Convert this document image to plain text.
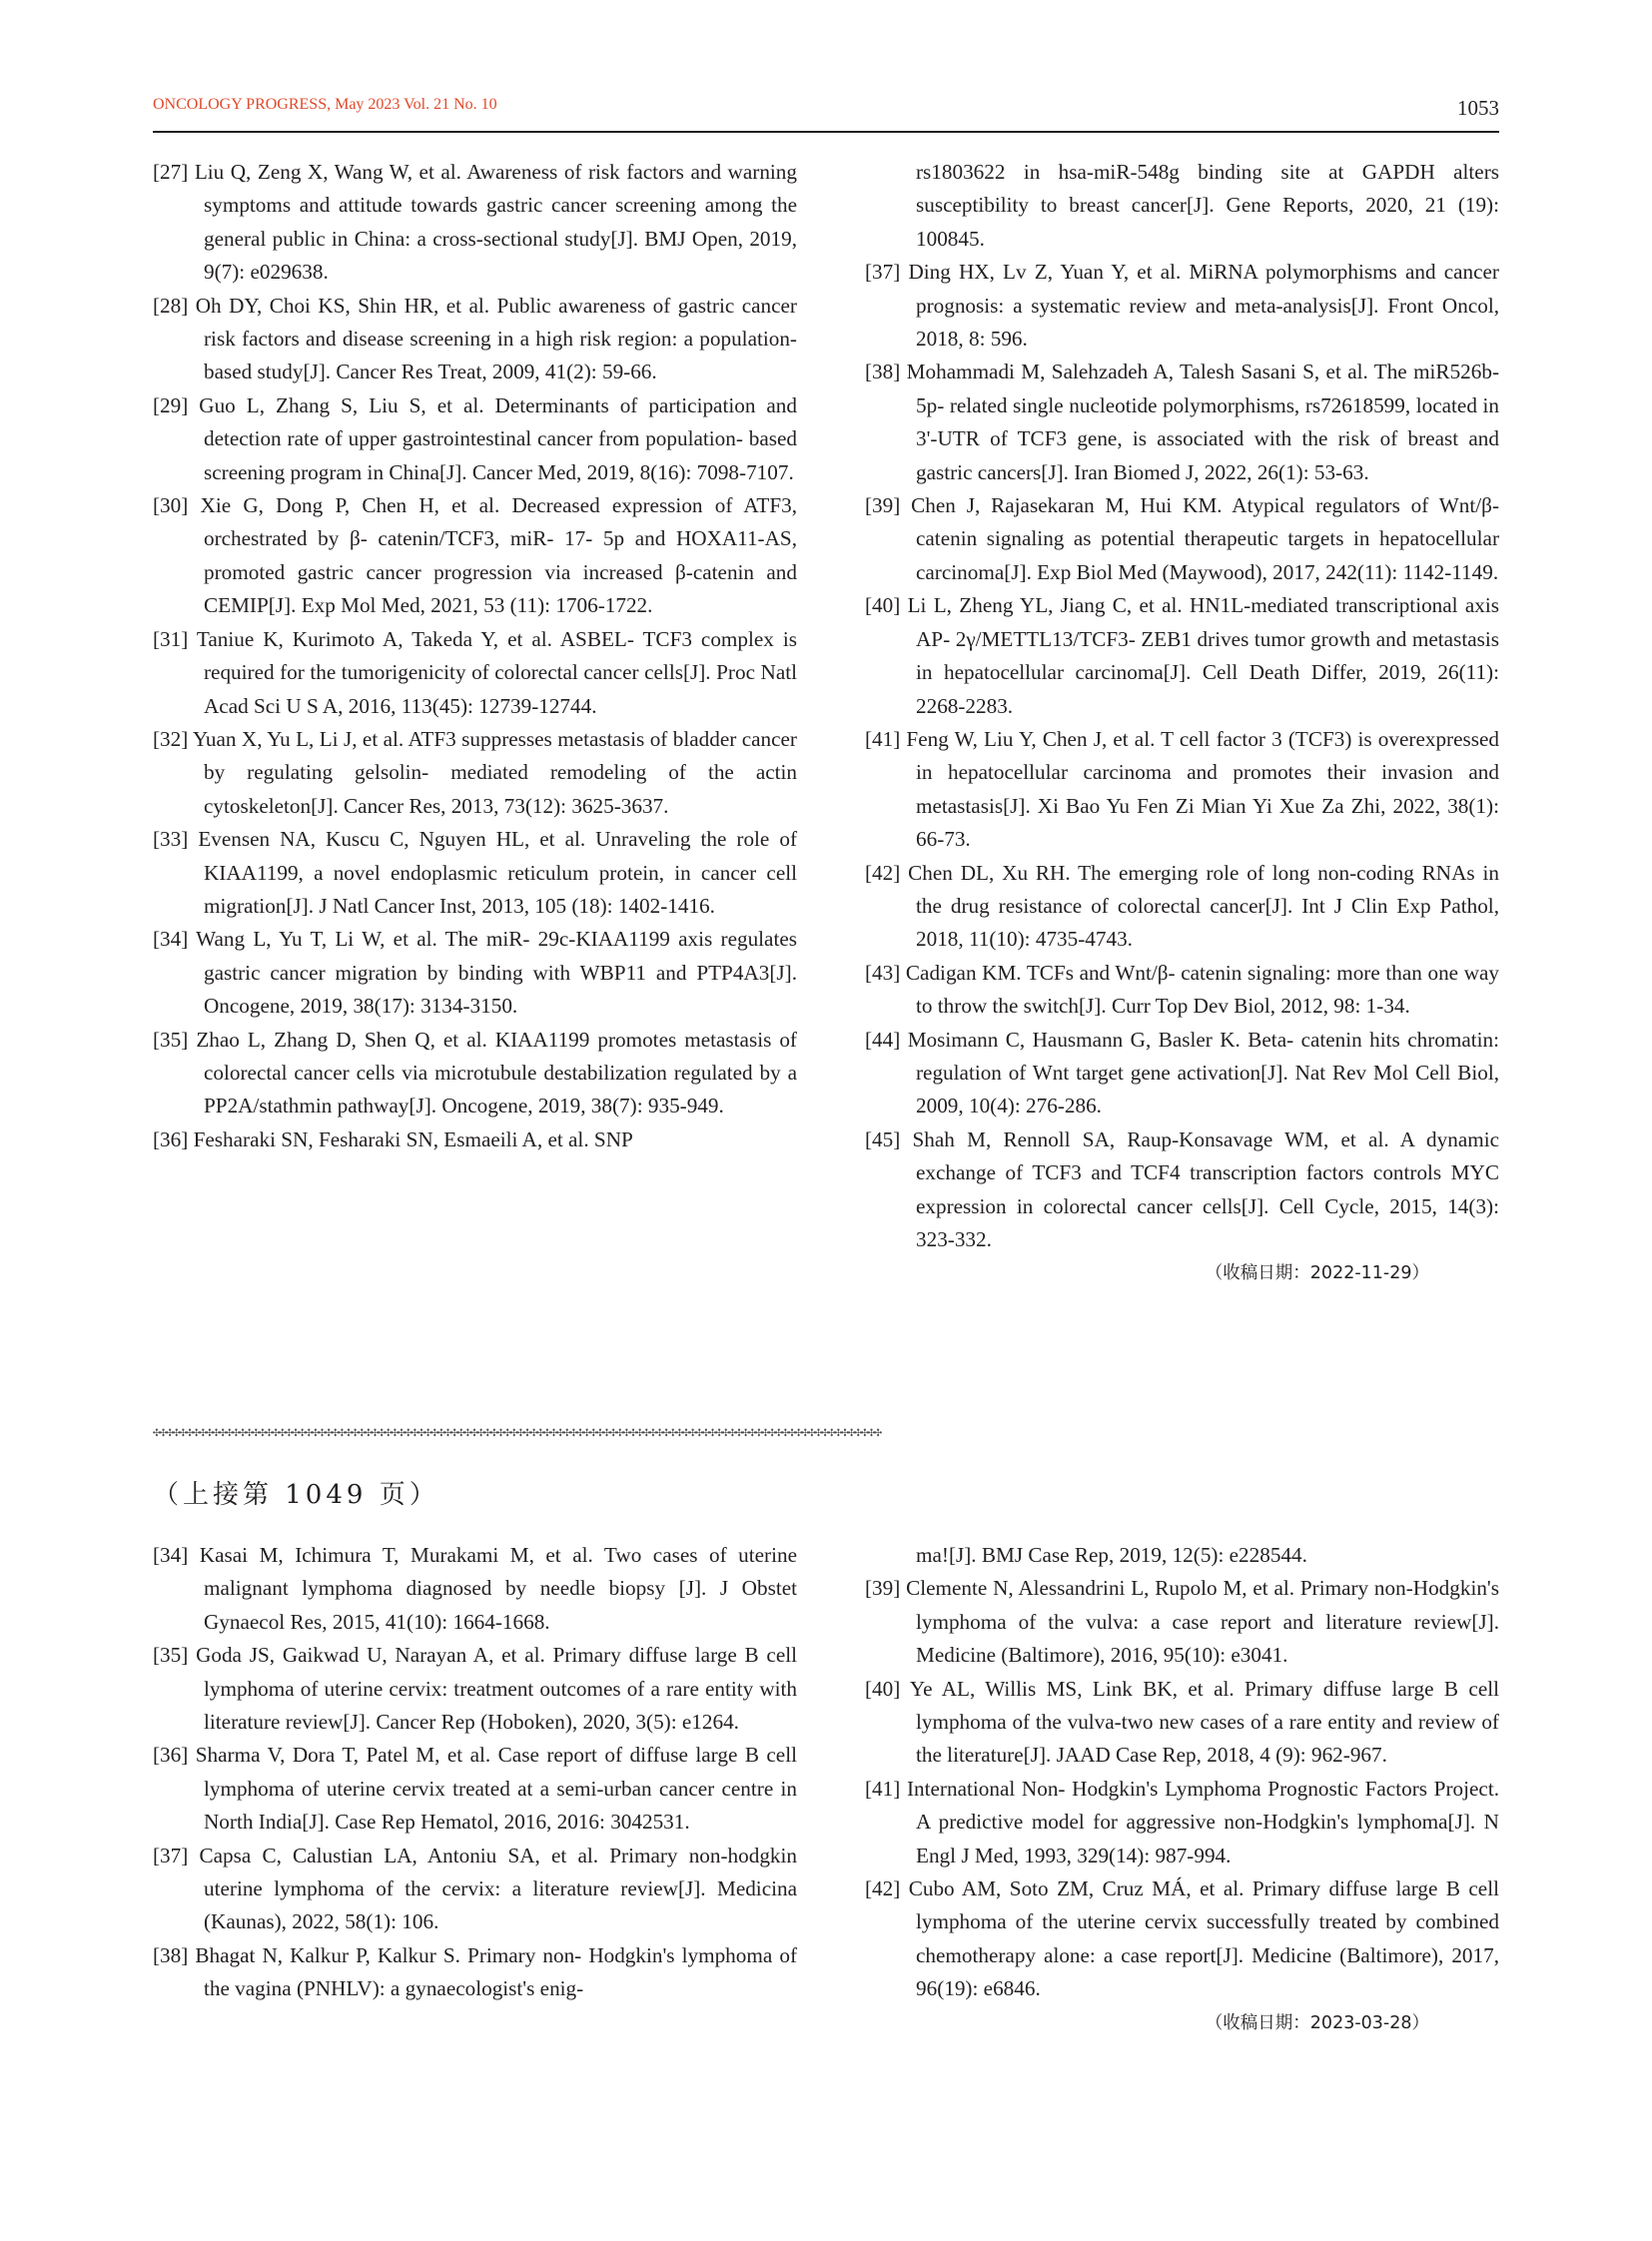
ONCOLOGY PROGRESS, May 2023 Vol. 21 No. 10	1053
[27] Liu Q, Zeng X, Wang W, et al. Awareness of risk factors and warning symptoms and attitude towards gastric cancer screening among the general public in China: a cross-sectional study[J]. BMJ Open, 2019, 9(7): e029638.
[28] Oh DY, Choi KS, Shin HR, et al. Public awareness of gastric cancer risk factors and disease screening in a high risk region: a population- based study[J]. Cancer Res Treat, 2009, 41(2): 59-66.
[29] Guo L, Zhang S, Liu S, et al. Determinants of participation and detection rate of upper gastrointestinal cancer from population- based screening program in China[J]. Cancer Med, 2019, 8(16): 7098-7107.
[30] Xie G, Dong P, Chen H, et al. Decreased expression of ATF3, orchestrated by β- catenin/TCF3, miR- 17- 5p and HOXA11-AS, promoted gastric cancer progression via increased β-catenin and CEMIP[J]. Exp Mol Med, 2021, 53 (11): 1706-1722.
[31] Taniue K, Kurimoto A, Takeda Y, et al. ASBEL- TCF3 complex is required for the tumorigenicity of colorectal cancer cells[J]. Proc Natl Acad Sci U S A, 2016, 113(45): 12739-12744.
[32] Yuan X, Yu L, Li J, et al. ATF3 suppresses metastasis of bladder cancer by regulating gelsolin- mediated remodeling of the actin cytoskeleton[J]. Cancer Res, 2013, 73(12): 3625-3637.
[33] Evensen NA, Kuscu C, Nguyen HL, et al. Unraveling the role of KIAA1199, a novel endoplasmic reticulum protein, in cancer cell migration[J]. J Natl Cancer Inst, 2013, 105 (18): 1402-1416.
[34] Wang L, Yu T, Li W, et al. The miR- 29c-KIAA1199 axis regulates gastric cancer migration by binding with WBP11 and PTP4A3[J]. Oncogene, 2019, 38(17): 3134-3150.
[35] Zhao L, Zhang D, Shen Q, et al. KIAA1199 promotes metastasis of colorectal cancer cells via microtubule destabilization regulated by a PP2A/stathmin pathway[J]. Oncogene, 2019, 38(7): 935-949.
[36] Fesharaki SN, Fesharaki SN, Esmaeili A, et al. SNP
rs1803622 in hsa-miR-548g binding site at GAPDH alters susceptibility to breast cancer[J]. Gene Reports, 2020, 21 (19): 100845.
[37] Ding HX, Lv Z, Yuan Y, et al. MiRNA polymorphisms and cancer prognosis: a systematic review and meta-analysis[J]. Front Oncol, 2018, 8: 596.
[38] Mohammadi M, Salehzadeh A, Talesh Sasani S, et al. The miR526b- 5p- related single nucleotide polymorphisms, rs72618599, located in 3'-UTR of TCF3 gene, is associated with the risk of breast and gastric cancers[J]. Iran Biomed J, 2022, 26(1): 53-63.
[39] Chen J, Rajasekaran M, Hui KM. Atypical regulators of Wnt/β-catenin signaling as potential therapeutic targets in hepatocellular carcinoma[J]. Exp Biol Med (Maywood), 2017, 242(11): 1142-1149.
[40] Li L, Zheng YL, Jiang C, et al. HN1L-mediated transcriptional axis AP- 2γ/METTL13/TCF3- ZEB1 drives tumor growth and metastasis in hepatocellular carcinoma[J]. Cell Death Differ, 2019, 26(11): 2268-2283.
[41] Feng W, Liu Y, Chen J, et al. T cell factor 3 (TCF3) is overexpressed in hepatocellular carcinoma and promotes their invasion and metastasis[J]. Xi Bao Yu Fen Zi Mian Yi Xue Za Zhi, 2022, 38(1): 66-73.
[42] Chen DL, Xu RH. The emerging role of long non-coding RNAs in the drug resistance of colorectal cancer[J]. Int J Clin Exp Pathol, 2018, 11(10): 4735-4743.
[43] Cadigan KM. TCFs and Wnt/β- catenin signaling: more than one way to throw the switch[J]. Curr Top Dev Biol, 2012, 98: 1-34.
[44] Mosimann C, Hausmann G, Basler K. Beta- catenin hits chromatin: regulation of Wnt target gene activation[J]. Nat Rev Mol Cell Biol, 2009, 10(4): 276-286.
[45] Shah M, Rennoll SA, Raup-Konsavage WM, et al. A dynamic exchange of TCF3 and TCF4 transcription factors controls MYC expression in colorectal cancer cells[J]. Cell Cycle, 2015, 14(3): 323-332.
（收稿日期：2022-11-29）
✣✣✣✣✣✣✣✣✣✣✣✣✣✣✣✣✣✣✣✣✣✣✣✣✣✣✣✣✣✣✣✣✣✣✣✣✣✣✣✣✣✣✣✣✣✣✣✣✣✣✣✣✣✣✣✣✣✣✣✣✣✣✣✣✣✣✣✣✣✣✣✣✣✣✣✣✣✣✣✣✣✣✣✣✣✣✣✣✣✣✣✣✣✣✣✣✣✣✣✣✣✣✣✣✣✣✣✣✣✣
（上接第 1049 页）
[34] Kasai M, Ichimura T, Murakami M, et al. Two cases of uterine malignant lymphoma diagnosed by needle biopsy [J]. J Obstet Gynaecol Res, 2015, 41(10): 1664-1668.
[35] Goda JS, Gaikwad U, Narayan A, et al. Primary diffuse large B cell lymphoma of uterine cervix: treatment outcomes of a rare entity with literature review[J]. Cancer Rep (Hoboken), 2020, 3(5): e1264.
[36] Sharma V, Dora T, Patel M, et al. Case report of diffuse large B cell lymphoma of uterine cervix treated at a semi-urban cancer centre in North India[J]. Case Rep Hematol, 2016, 2016: 3042531.
[37] Capsa C, Calustian LA, Antoniu SA, et al. Primary non-hodgkin uterine lymphoma of the cervix: a literature review[J]. Medicina (Kaunas), 2022, 58(1): 106.
[38] Bhagat N, Kalkur P, Kalkur S. Primary non- Hodgkin's lymphoma of the vagina (PNHLV): a gynaecologist's enig-
ma![J]. BMJ Case Rep, 2019, 12(5): e228544.
[39] Clemente N, Alessandrini L, Rupolo M, et al. Primary non-Hodgkin's lymphoma of the vulva: a case report and literature review[J]. Medicine (Baltimore), 2016, 95(10): e3041.
[40] Ye AL, Willis MS, Link BK, et al. Primary diffuse large B cell lymphoma of the vulva-two new cases of a rare entity and review of the literature[J]. JAAD Case Rep, 2018, 4 (9): 962-967.
[41] International Non- Hodgkin's Lymphoma Prognostic Factors Project. A predictive model for aggressive non-Hodgkin's lymphoma[J]. N Engl J Med, 1993, 329(14): 987-994.
[42] Cubo AM, Soto ZM, Cruz MÁ, et al. Primary diffuse large B cell lymphoma of the uterine cervix successfully treated by combined chemotherapy alone: a case report[J]. Medicine (Baltimore), 2017, 96(19): e6846.
（收稿日期：2023-03-28）
